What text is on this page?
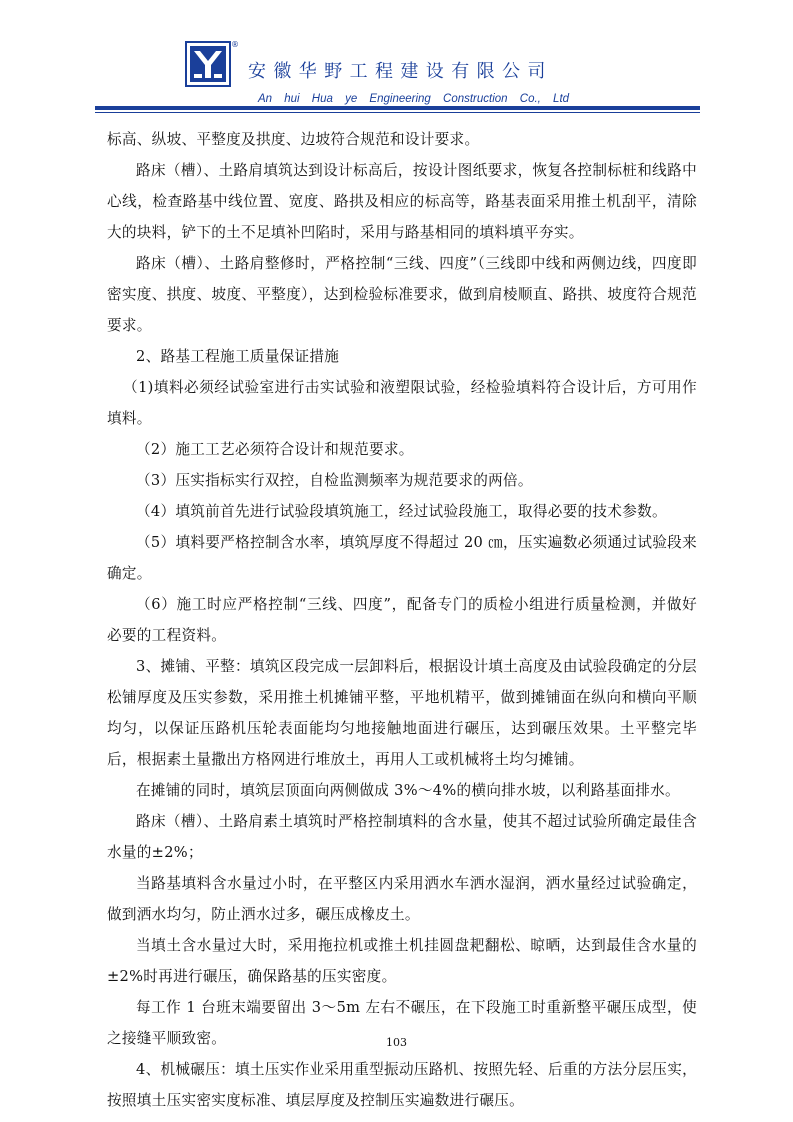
®
安徽华野工程建设有限公司
An hui Hua ye Engineering Construction Co., Ltd

标高、纵坡、平整度及拱度、边坡符合规范和设计要求。

路床（槽）、土路肩填筑达到设计标高后，按设计图纸要求，恢复各控制标桩和线路中心线，检查路基中线位置、宽度、路拱及相应的标高等，路基表面采用推土机刮平，清除大的块料，铲下的土不足填补凹陷时，采用与路基相同的填料填平夯实。

路床（槽）、土路肩整修时，严格控制“三线、四度”（三线即中线和两侧边线，四度即密实度、拱度、坡度、平整度），达到检验标准要求，做到肩棱顺直、路拱、坡度符合规范要求。

2、路基工程施工质量保证措施

（1)填料必须经试验室进行击实试验和液塑限试验，经检验填料符合设计后，方可用作填料。

（2）施工工艺必须符合设计和规范要求。

（3）压实指标实行双控，自检监测频率为规范要求的两倍。

（4）填筑前首先进行试验段填筑施工，经过试验段施工，取得必要的技术参数。

（5）填料要严格控制含水率，填筑厚度不得超过 20 ㎝，压实遍数必须通过试验段来确定。

（6）施工时应严格控制“三线、四度”，配备专门的质检小组进行质量检测，并做好必要的工程资料。

3、摊铺、平整：填筑区段完成一层卸料后，根据设计填土高度及由试验段确定的分层松铺厚度及压实参数，采用推土机摊铺平整，平地机精平，做到摊铺面在纵向和横向平顺均匀，以保证压路机压轮表面能均匀地接触地面进行碾压，达到碾压效果。土平整完毕后，根据素土量撒出方格网进行堆放土，再用人工或机械将土均匀摊铺。

在摊铺的同时，填筑层顶面向两侧做成 3%～4%的横向排水坡，以利路基面排水。

路床（槽）、土路肩素土填筑时严格控制填料的含水量，使其不超过试验所确定最佳含水量的±2%；

当路基填料含水量过小时，在平整区内采用洒水车洒水湿润，洒水量经过试验确定，做到洒水均匀，防止洒水过多，碾压成橡皮土。

当填土含水量过大时，采用拖拉机或推土机挂圆盘耙翻松、晾晒，达到最佳含水量的±2%时再进行碾压，确保路基的压实密度。

每工作 1 台班末端要留出 3～5m 左右不碾压，在下段施工时重新整平碾压成型，使之接缝平顺致密。

4、机械碾压：填土压实作业采用重型振动压路机、按照先轻、后重的方法分层压实，按照填土压实密实度标准、填层厚度及控制压实遍数进行碾压。

103
